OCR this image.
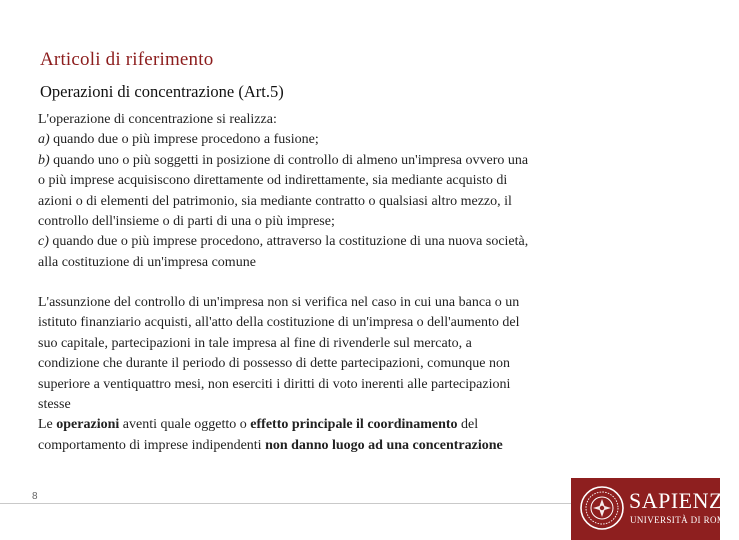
Articoli di riferimento
Operazioni di concentrazione (Art.5)
L'operazione di concentrazione si realizza:
a) quando due o più imprese procedono a fusione;
b) quando uno o più soggetti in posizione di controllo di almeno un'impresa ovvero una
o più imprese acquisiscono direttamente od indirettamente, sia mediante acquisto di
azioni o di elementi del patrimonio, sia mediante contratto o qualsiasi altro mezzo, il
controllo dell'insieme o di parti di una o più imprese;
c) quando due o più imprese procedono, attraverso la costituzione di una nuova società,
alla costituzione di un'impresa comune
L'assunzione del controllo di un'impresa non si verifica nel caso in cui una banca o un
istituto finanziario acquisti, all'atto della costituzione di un'impresa o dell'aumento del
suo capitale, partecipazioni in tale impresa al fine di rivenderle sul mercato, a
condizione che durante il periodo di possesso di dette partecipazioni, comunque non
superiore a ventiquattro mesi, non eserciti i diritti di voto inerenti alle partecipazioni
stesse
Le operazioni aventi quale oggetto o effetto principale il coordinamento del
comportamento di imprese indipendenti non danno luogo ad una concentrazione
8	SAPIENZA
UNIVERSITÀ DI ROMA
